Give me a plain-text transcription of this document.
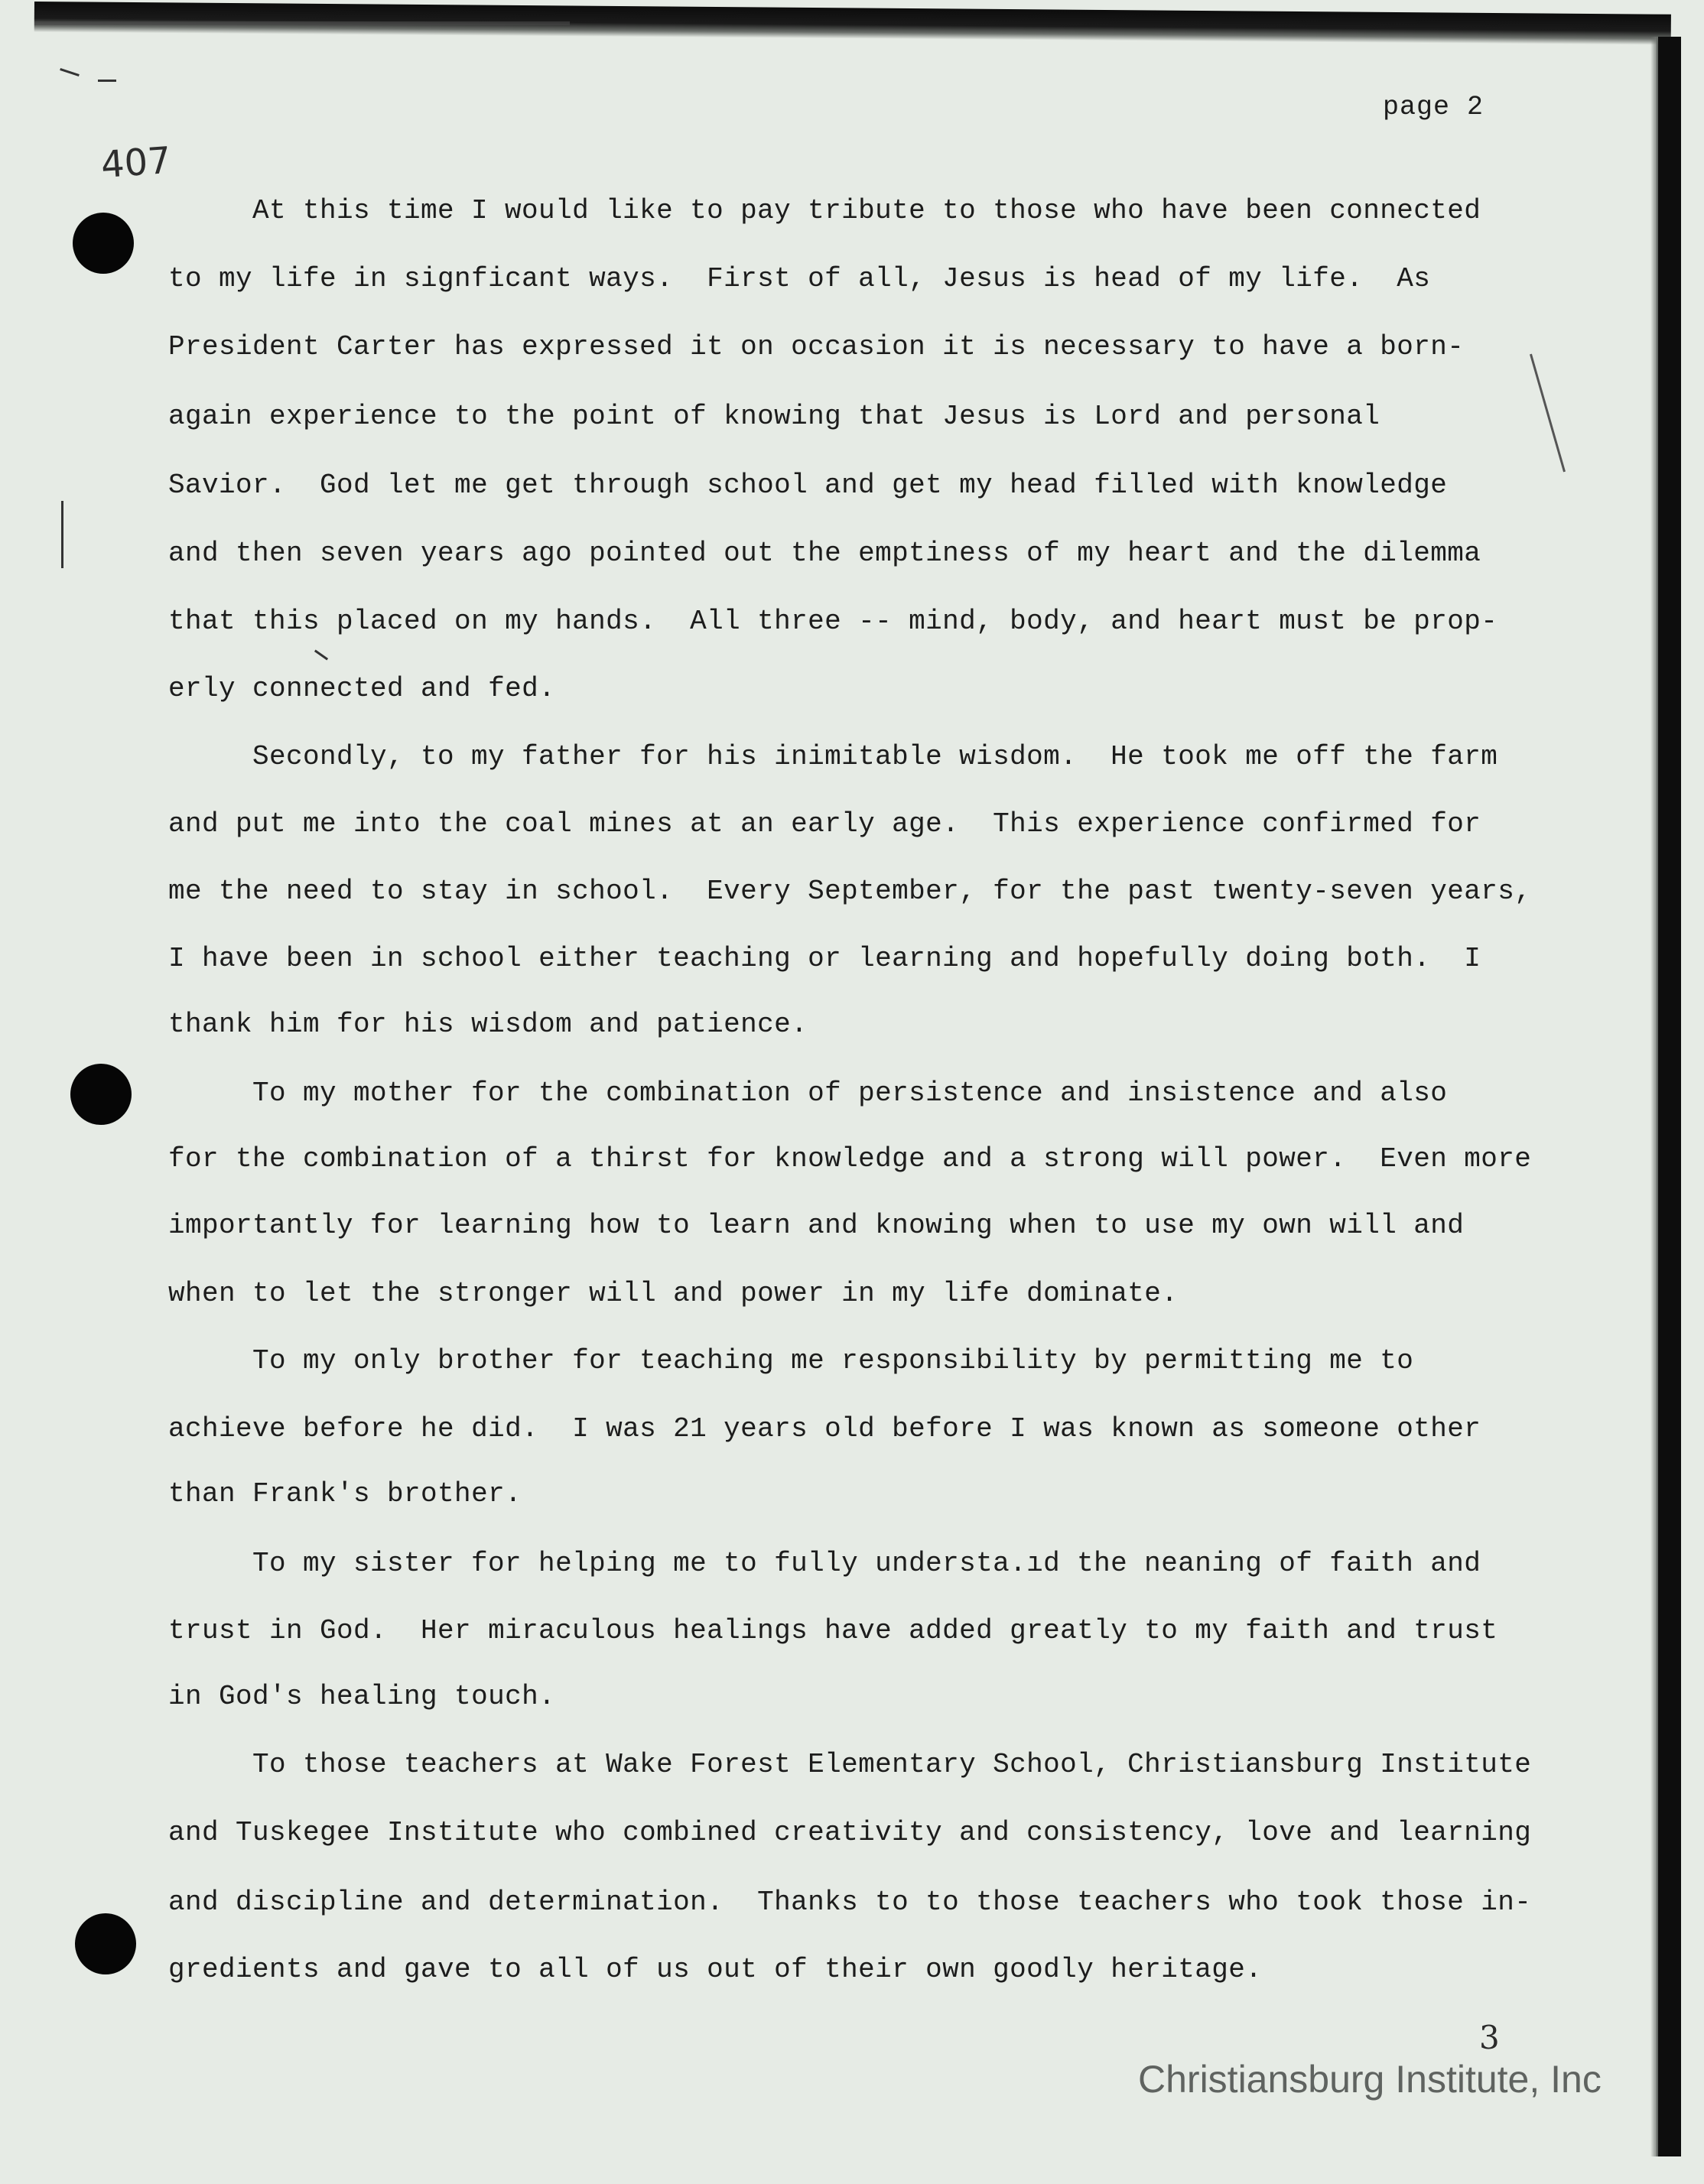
407
page 2
At this time I would like to pay tribute to those who have been connected
to my life in signficant ways.  First of all, Jesus is head of my life.  As
President Carter has expressed it on occasion it is necessary to have a born-
again experience to the point of knowing that Jesus is Lord and personal
Savior.  God let me get through school and get my head filled with knowledge
and then seven years ago pointed out the emptiness of my heart and the dilemma
that this placed on my hands.  All three -- mind, body, and heart must be prop-
erly connected and fed.
Secondly, to my father for his inimitable wisdom.  He took me off the farm
and put me into the coal mines at an early age.  This experience confirmed for
me the need to stay in school.  Every September, for the past twenty-seven years,
I have been in school either teaching or learning and hopefully doing both.  I
thank him for his wisdom and patience.
To my mother for the combination of persistence and insistence and also
for the combination of a thirst for knowledge and a strong will power.  Even more
importantly for learning how to learn and knowing when to use my own will and
when to let the stronger will and power in my life dominate.
To my only brother for teaching me responsibility by permitting me to
achieve before he did.  I was 21 years old before I was known as someone other
than Frank's brother.
To my sister for helping me to fully understa.ıd the neaning of faith and
trust in God.  Her miraculous healings have added greatly to my faith and trust
in God's healing touch.
To those teachers at Wake Forest Elementary School, Christiansburg Institute
and Tuskegee Institute who combined creativity and consistency, love and learning
and discipline and determination.  Thanks to to those teachers who took those in-
gredients and gave to all of us out of their own goodly heritage.
3
Christiansburg Institute, Inc
